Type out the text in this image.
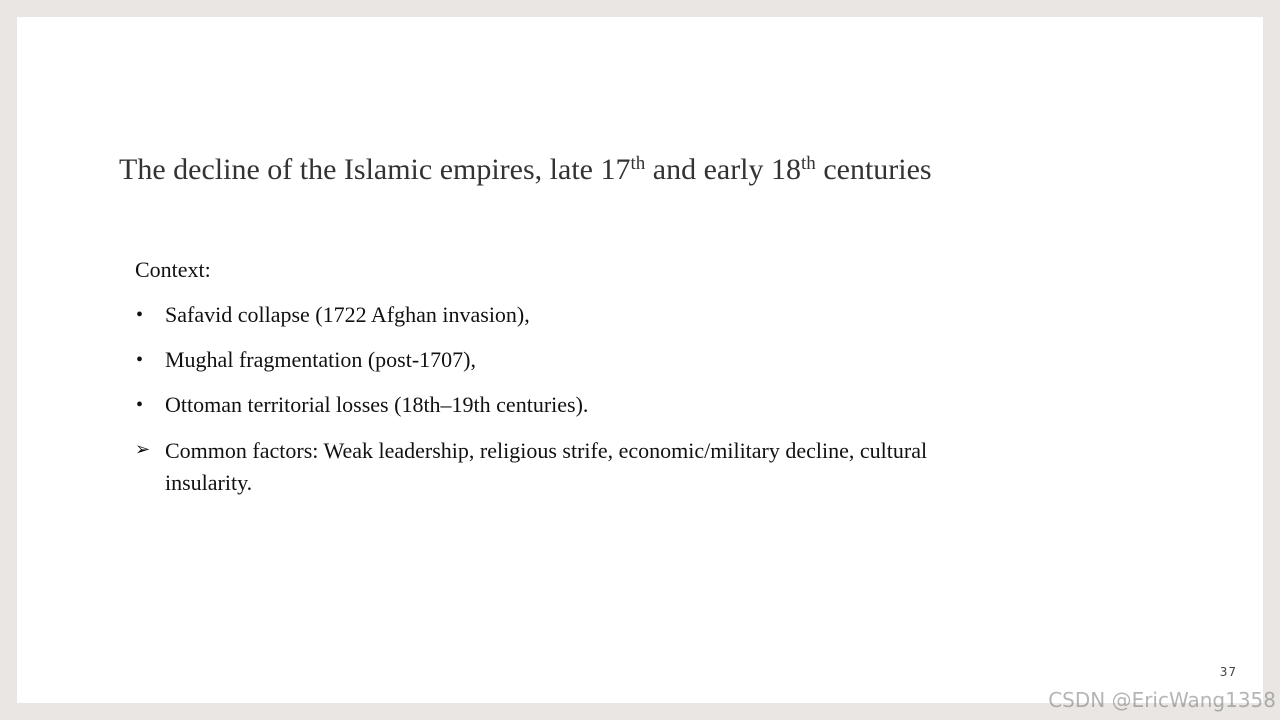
The decline of the Islamic empires, late 17th and early 18th centuries

Context:

• Safavid collapse (1722 Afghan invasion),
• Mughal fragmentation (post-1707),
• Ottoman territorial losses (18th–19th centuries).
➢ Common factors: Weak leadership, religious strife, economic/military decline, cultural insularity.
37
CSDN @EricWang1358
